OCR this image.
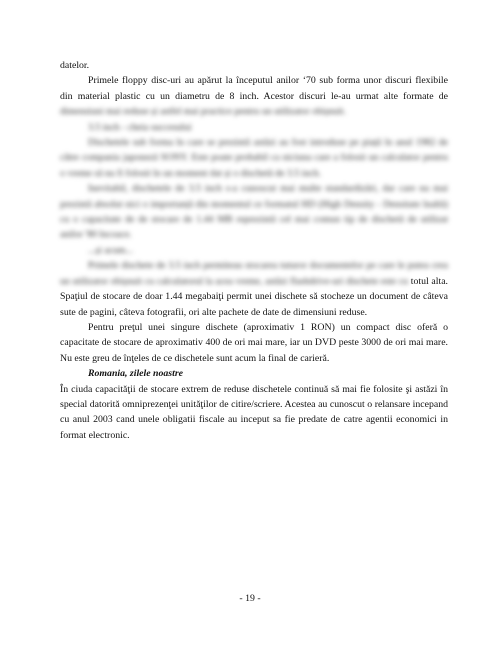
datelor.

Primele floppy disc-uri au apărut la începutul anilor ‘70 sub forma unor discuri flexibile din material plastic cu un diametru de 8 inch. Acestor discuri le-au urmat alte formate de dimensiuni mai reduse și astfel mai practice pentru un utilizator obișnuit.

3.5 inch - cheia succesului

Dischetele sub forma în care se prezintă astăzi au fost introduse pe piață în anul 1982 de către compania japoneză SONY. Este poate probabil ca niciuna care a folosit un calculator pentru o vreme să nu fi folosit în un moment dat și o dischetă de 3.5 inch.

Inevitabil, dischetele de 3.5 inch s-a cunoscut mai multe standardizări, dar care nu mai prezintă absolut nici o importanță din momentul ce formatul HD (High Density - Densitate înaltă) cu o capacitate de de stocare de 1.44 MB reprezintă cel mai comun tip de dischetă de utilizat anilor '80 încoace.

...și acum...

Primele dischete de 3.5 inch permiteau stocarea tuturor documentelor pe care le putea crea un utilizator obișnuit cu calculatorul la acea vreme, astăzi flashdrive-uri dischete este cu totul alta. Spaţiul de stocare de doar 1.44 megabaiţi permit unei dischete să stocheze un document de câteva sute de pagini, câteva fotografii, ori alte pachete de date de dimensiuni reduse.

Pentru preţul unei singure dischete (aproximativ 1 RON) un compact disc oferă o capacitate de stocare de aproximativ 400 de ori mai mare, iar un DVD peste 3000 de ori mai mare. Nu este greu de înţeles de ce dischetele sunt acum la final de carieră.

Romania, zilele noastre

În ciuda capacităţii de stocare extrem de reduse dischetele continuă să mai fie folosite şi astăzi în special datorită omniprezenţei unităţilor de citire/scriere. Acestea au cunoscut o relansare incepand cu anul 2003 cand unele obligatii fiscale au inceput sa fie predate de catre agentii economici in format electronic.

- 19 -
